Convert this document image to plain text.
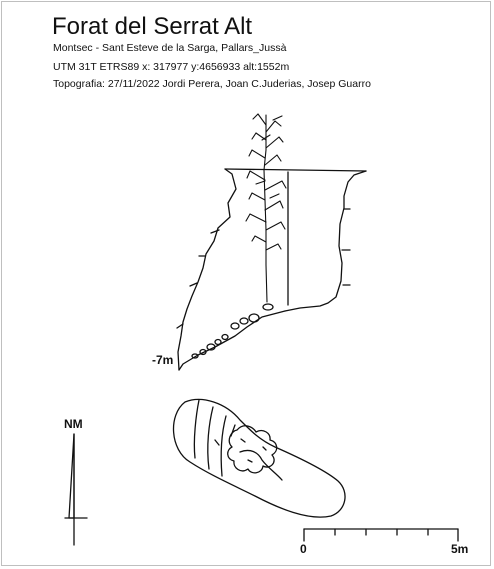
Forat del Serrat Alt
Montsec - Sant Esteve de la Sarga, Pallars_Jussà
UTM 31T ETRS89 x: 317977 y:4656933 alt:1552m
Topografia: 27/11/2022 Jordi Perera, Joan C.Juderias, Josep Guarro
-7m
NM
0	5m
